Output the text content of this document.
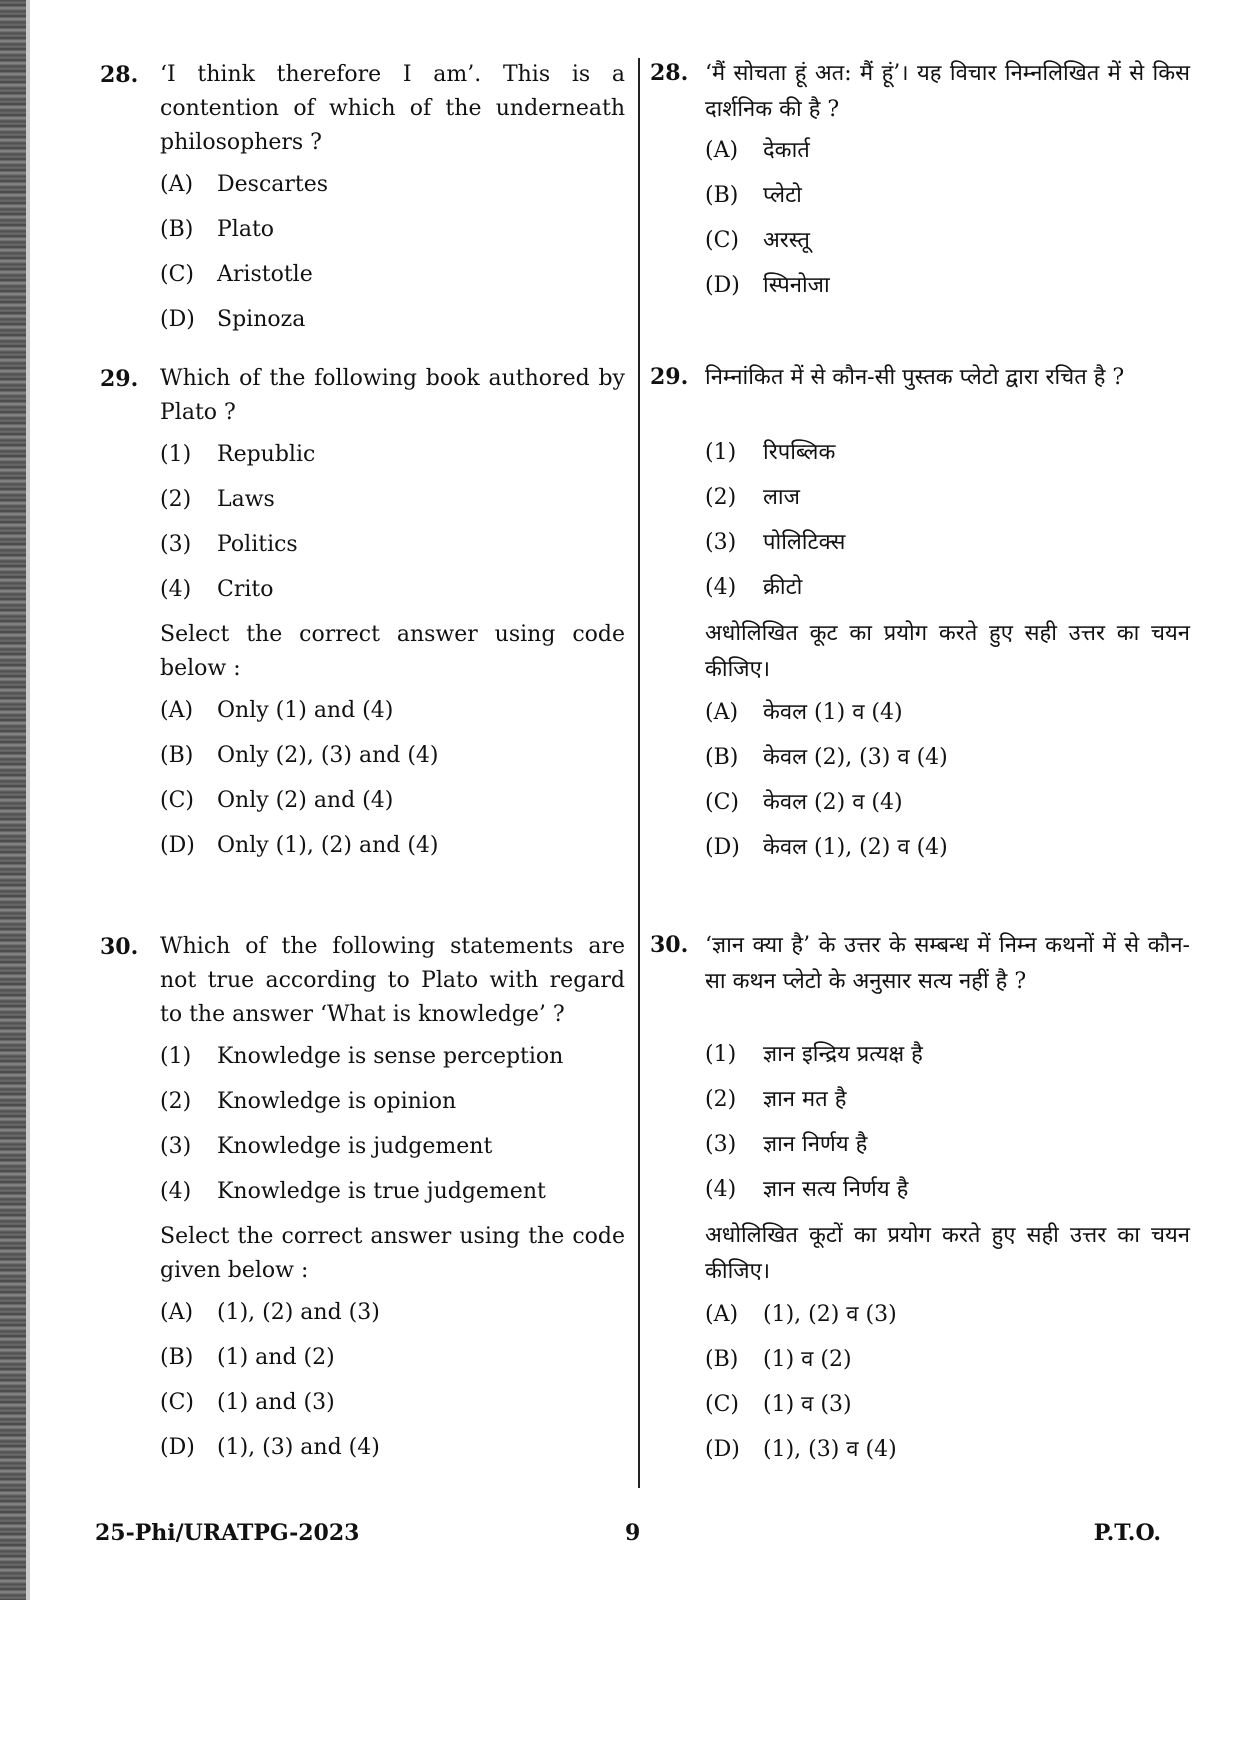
28. ‘I think therefore I am’. This is a contention of which of the underneath philosophers ?
(A) Descartes
(B) Plato
(C) Aristotle
(D) Spinoza
29. Which of the following book authored by Plato ?
(1) Republic
(2) Laws
(3) Politics
(4) Crito
Select the correct answer using code below :
(A) Only (1) and (4)
(B) Only (2), (3) and (4)
(C) Only (2) and (4)
(D) Only (1), (2) and (4)
30. Which of the following statements are not true according to Plato with regard to the answer ‘What is knowledge’ ?
(1) Knowledge is sense perception
(2) Knowledge is opinion
(3) Knowledge is judgement
(4) Knowledge is true judgement
Select the correct answer using the code given below :
(A) (1), (2) and (3)
(B) (1) and (2)
(C) (1) and (3)
(D) (1), (3) and (4)
28. ‘मैं सोचता हूं अत: मैं हूं’। यह विचार निम्नलिखित में से किस दार्शनिक की है ?
(A) देकार्त
(B) प्लेटो
(C) अरस्तू
(D) स्पिनोजा
29. निम्नांकित में से कौन-सी पुस्तक प्लेटो द्वारा रचित है ?
(1) रिपब्लिक
(2) लाज
(3) पोलिटिक्स
(4) क्रीटो
अधोलिखित कूट का प्रयोग करते हुए सही उत्तर का चयन कीजिए।
(A) केवल (1) व (4)
(B) केवल (2), (3) व (4)
(C) केवल (2) व (4)
(D) केवल (1), (2) व (4)
30. ‘ज्ञान क्या है’ के उत्तर के सम्बन्ध में निम्न कथनों में से कौन-सा कथन प्लेटो के अनुसार सत्य नहीं है ?
(1) ज्ञान इन्द्रिय प्रत्यक्ष है
(2) ज्ञान मत है
(3) ज्ञान निर्णय है
(4) ज्ञान सत्य निर्णय है
अधोलिखित कूटों का प्रयोग करते हुए सही उत्तर का चयन कीजिए।
(A) (1), (2) व (3)
(B) (1) व (2)
(C) (1) व (3)
(D) (1), (3) व (4)
25-Phi/URATPG-2023	9	P.T.O.
